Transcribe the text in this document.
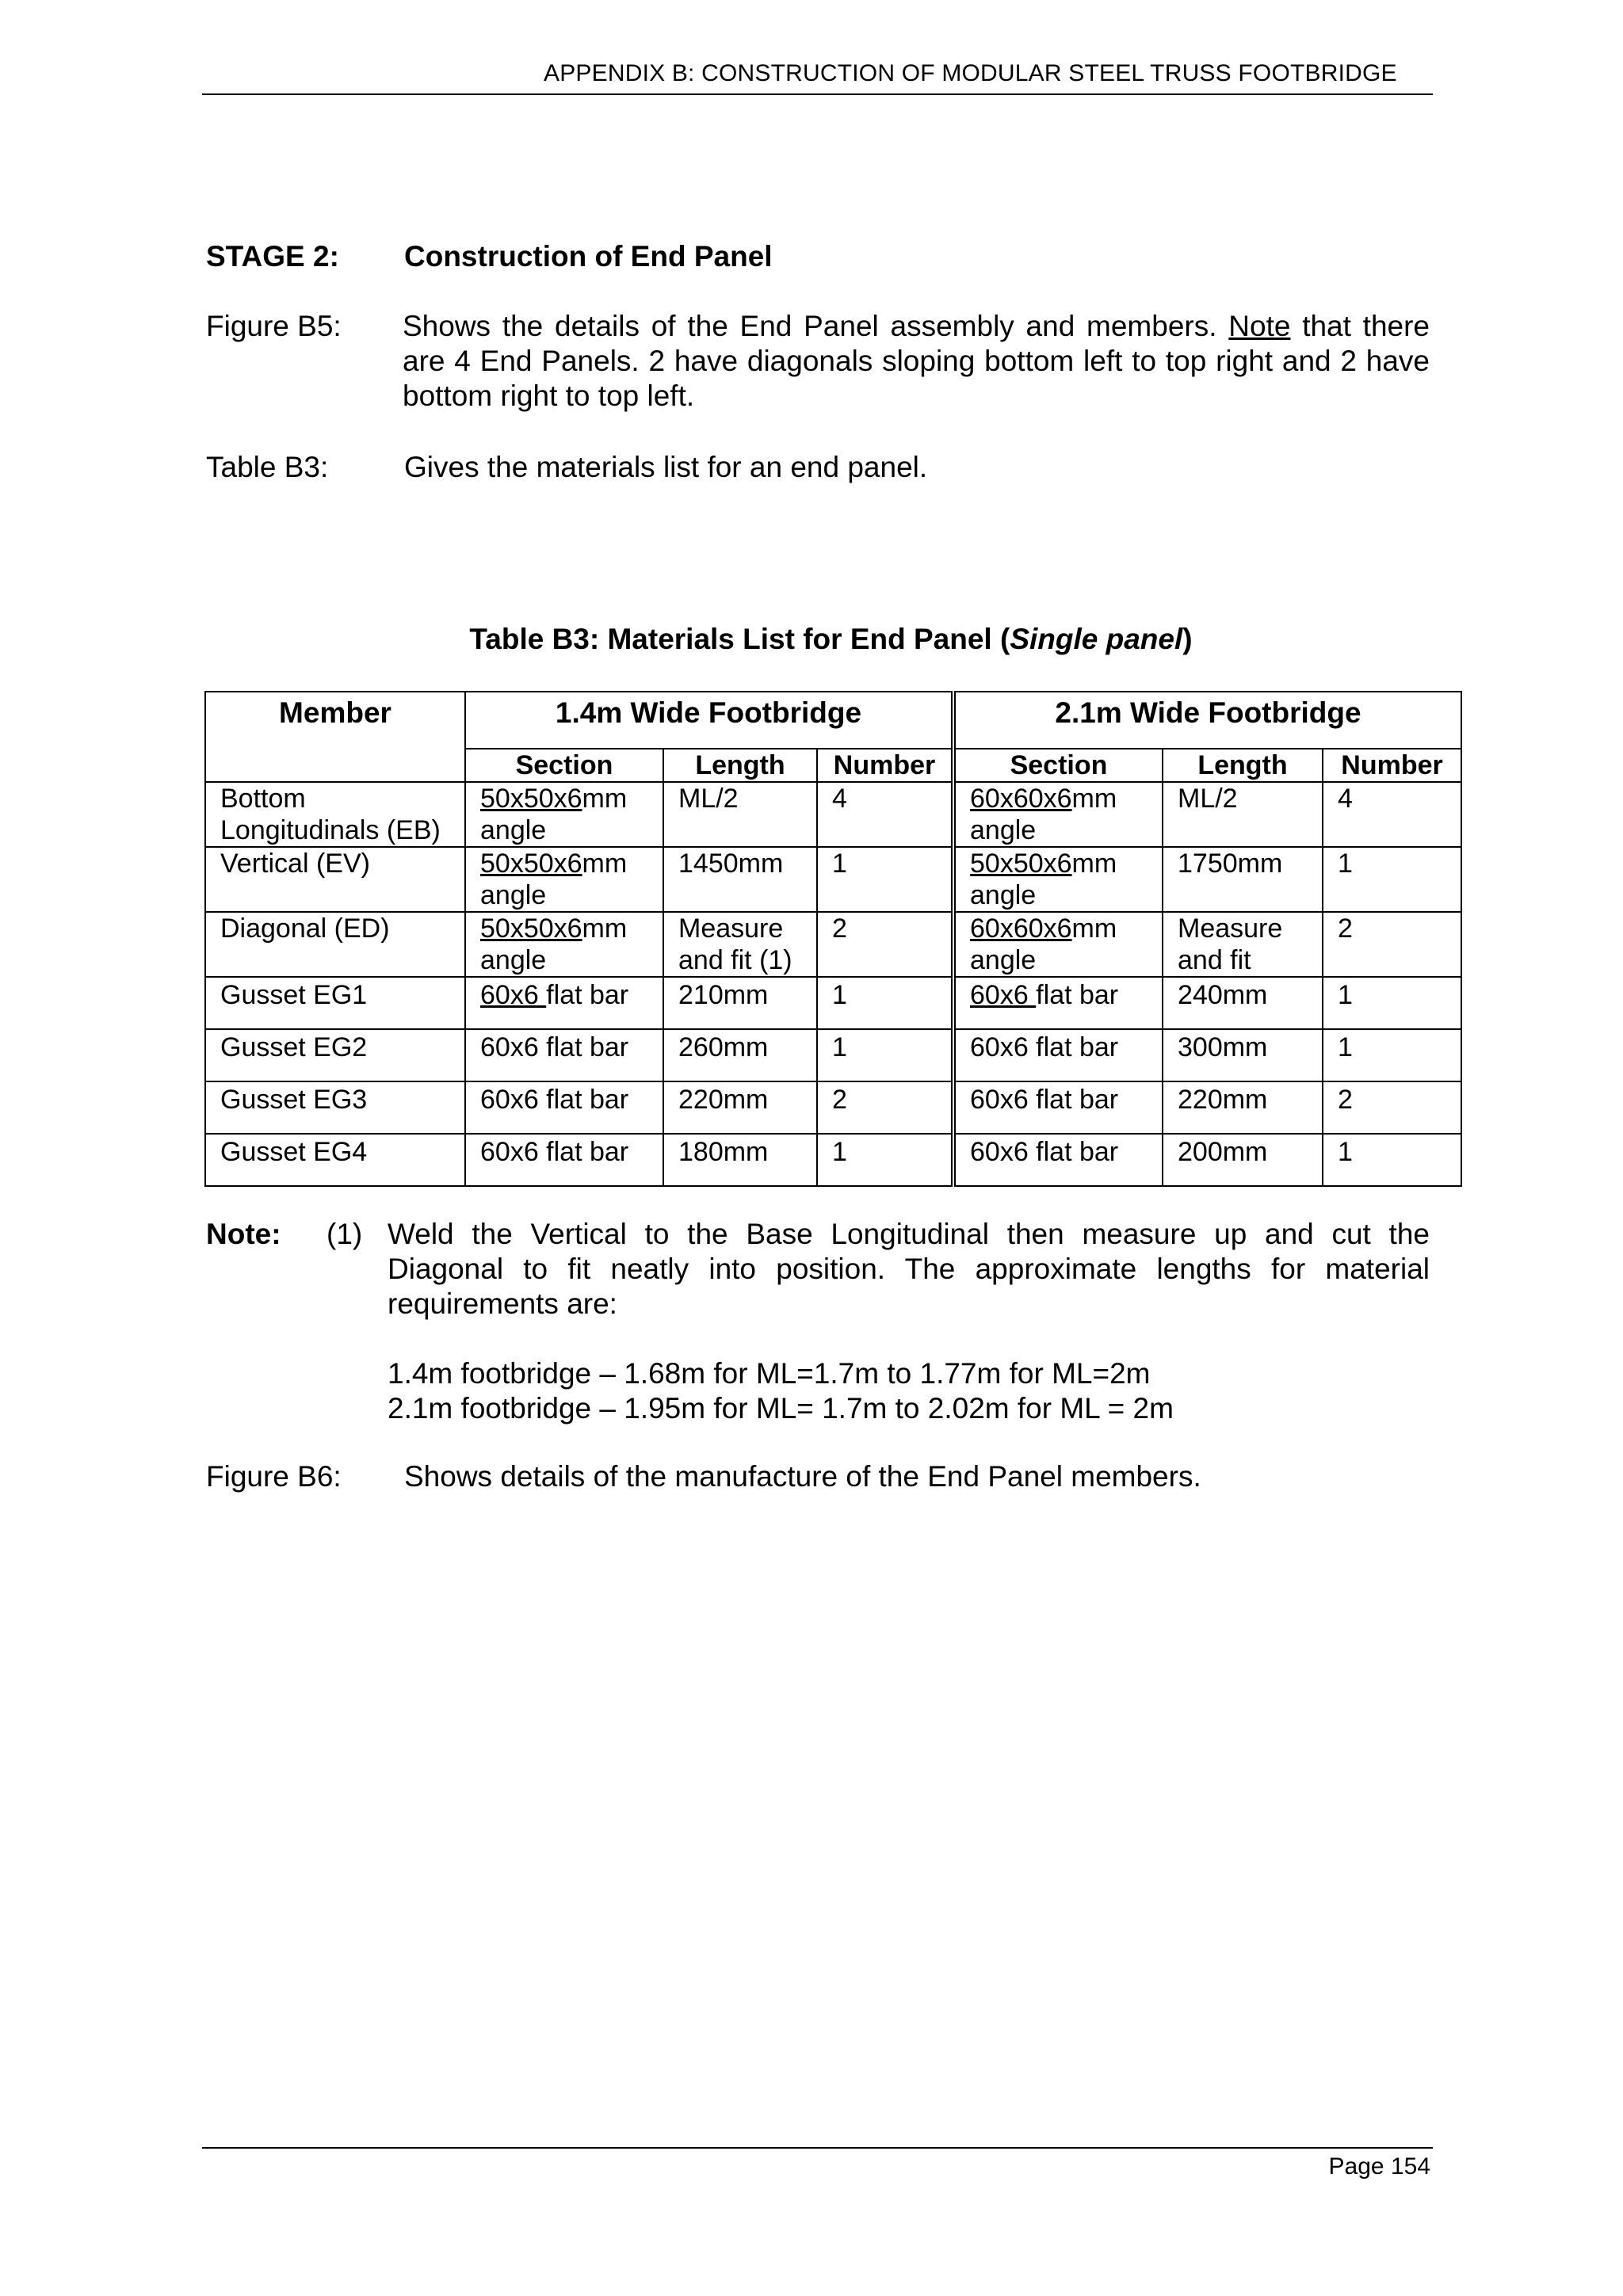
APPENDIX B: CONSTRUCTION OF MODULAR STEEL TRUSS FOOTBRIDGE
STAGE 2: Construction of End Panel
Figure B5: Shows the details of the End Panel assembly and members. Note that there are 4 End Panels. 2 have diagonals sloping bottom left to top right and 2 have bottom right to top left.
Table B3:	Gives the materials list for an end panel.
Table B3: Materials List for End Panel (Single panel)
Member	1.4m Wide Footbridge			2.1m Wide Footbridge		
	Section	Length	Number	Section	Length	Number
Bottom Longitudinals (EB)	50x50x6mm angle	ML/2	4	60x60x6mm angle	ML/2	4
Vertical (EV)	50x50x6mm angle	1450mm	1	50x50x6mm angle	1750mm	1
Diagonal (ED)	50x50x6mm angle	Measure and fit (1)	2	60x60x6mm angle	Measure and fit	2
Gusset EG1	60x6 flat bar	210mm	1	60x6 flat bar	240mm	1
Gusset EG2	60x6 flat bar	260mm	1	60x6 flat bar	300mm	1
Gusset EG3	60x6 flat bar	220mm	2	60x6 flat bar	220mm	2
Gusset EG4	60x6 flat bar	180mm	1	60x6 flat bar	200mm	1
Note: (1) Weld the Vertical to the Base Longitudinal then measure up and cut the Diagonal to fit neatly into position. The approximate lengths for material requirements are:
1.4m footbridge – 1.68m for ML=1.7m to 1.77m for ML=2m
2.1m footbridge – 1.95m for ML= 1.7m to 2.02m for ML = 2m
Figure B6: Shows details of the manufacture of the End Panel members.
Page 154
